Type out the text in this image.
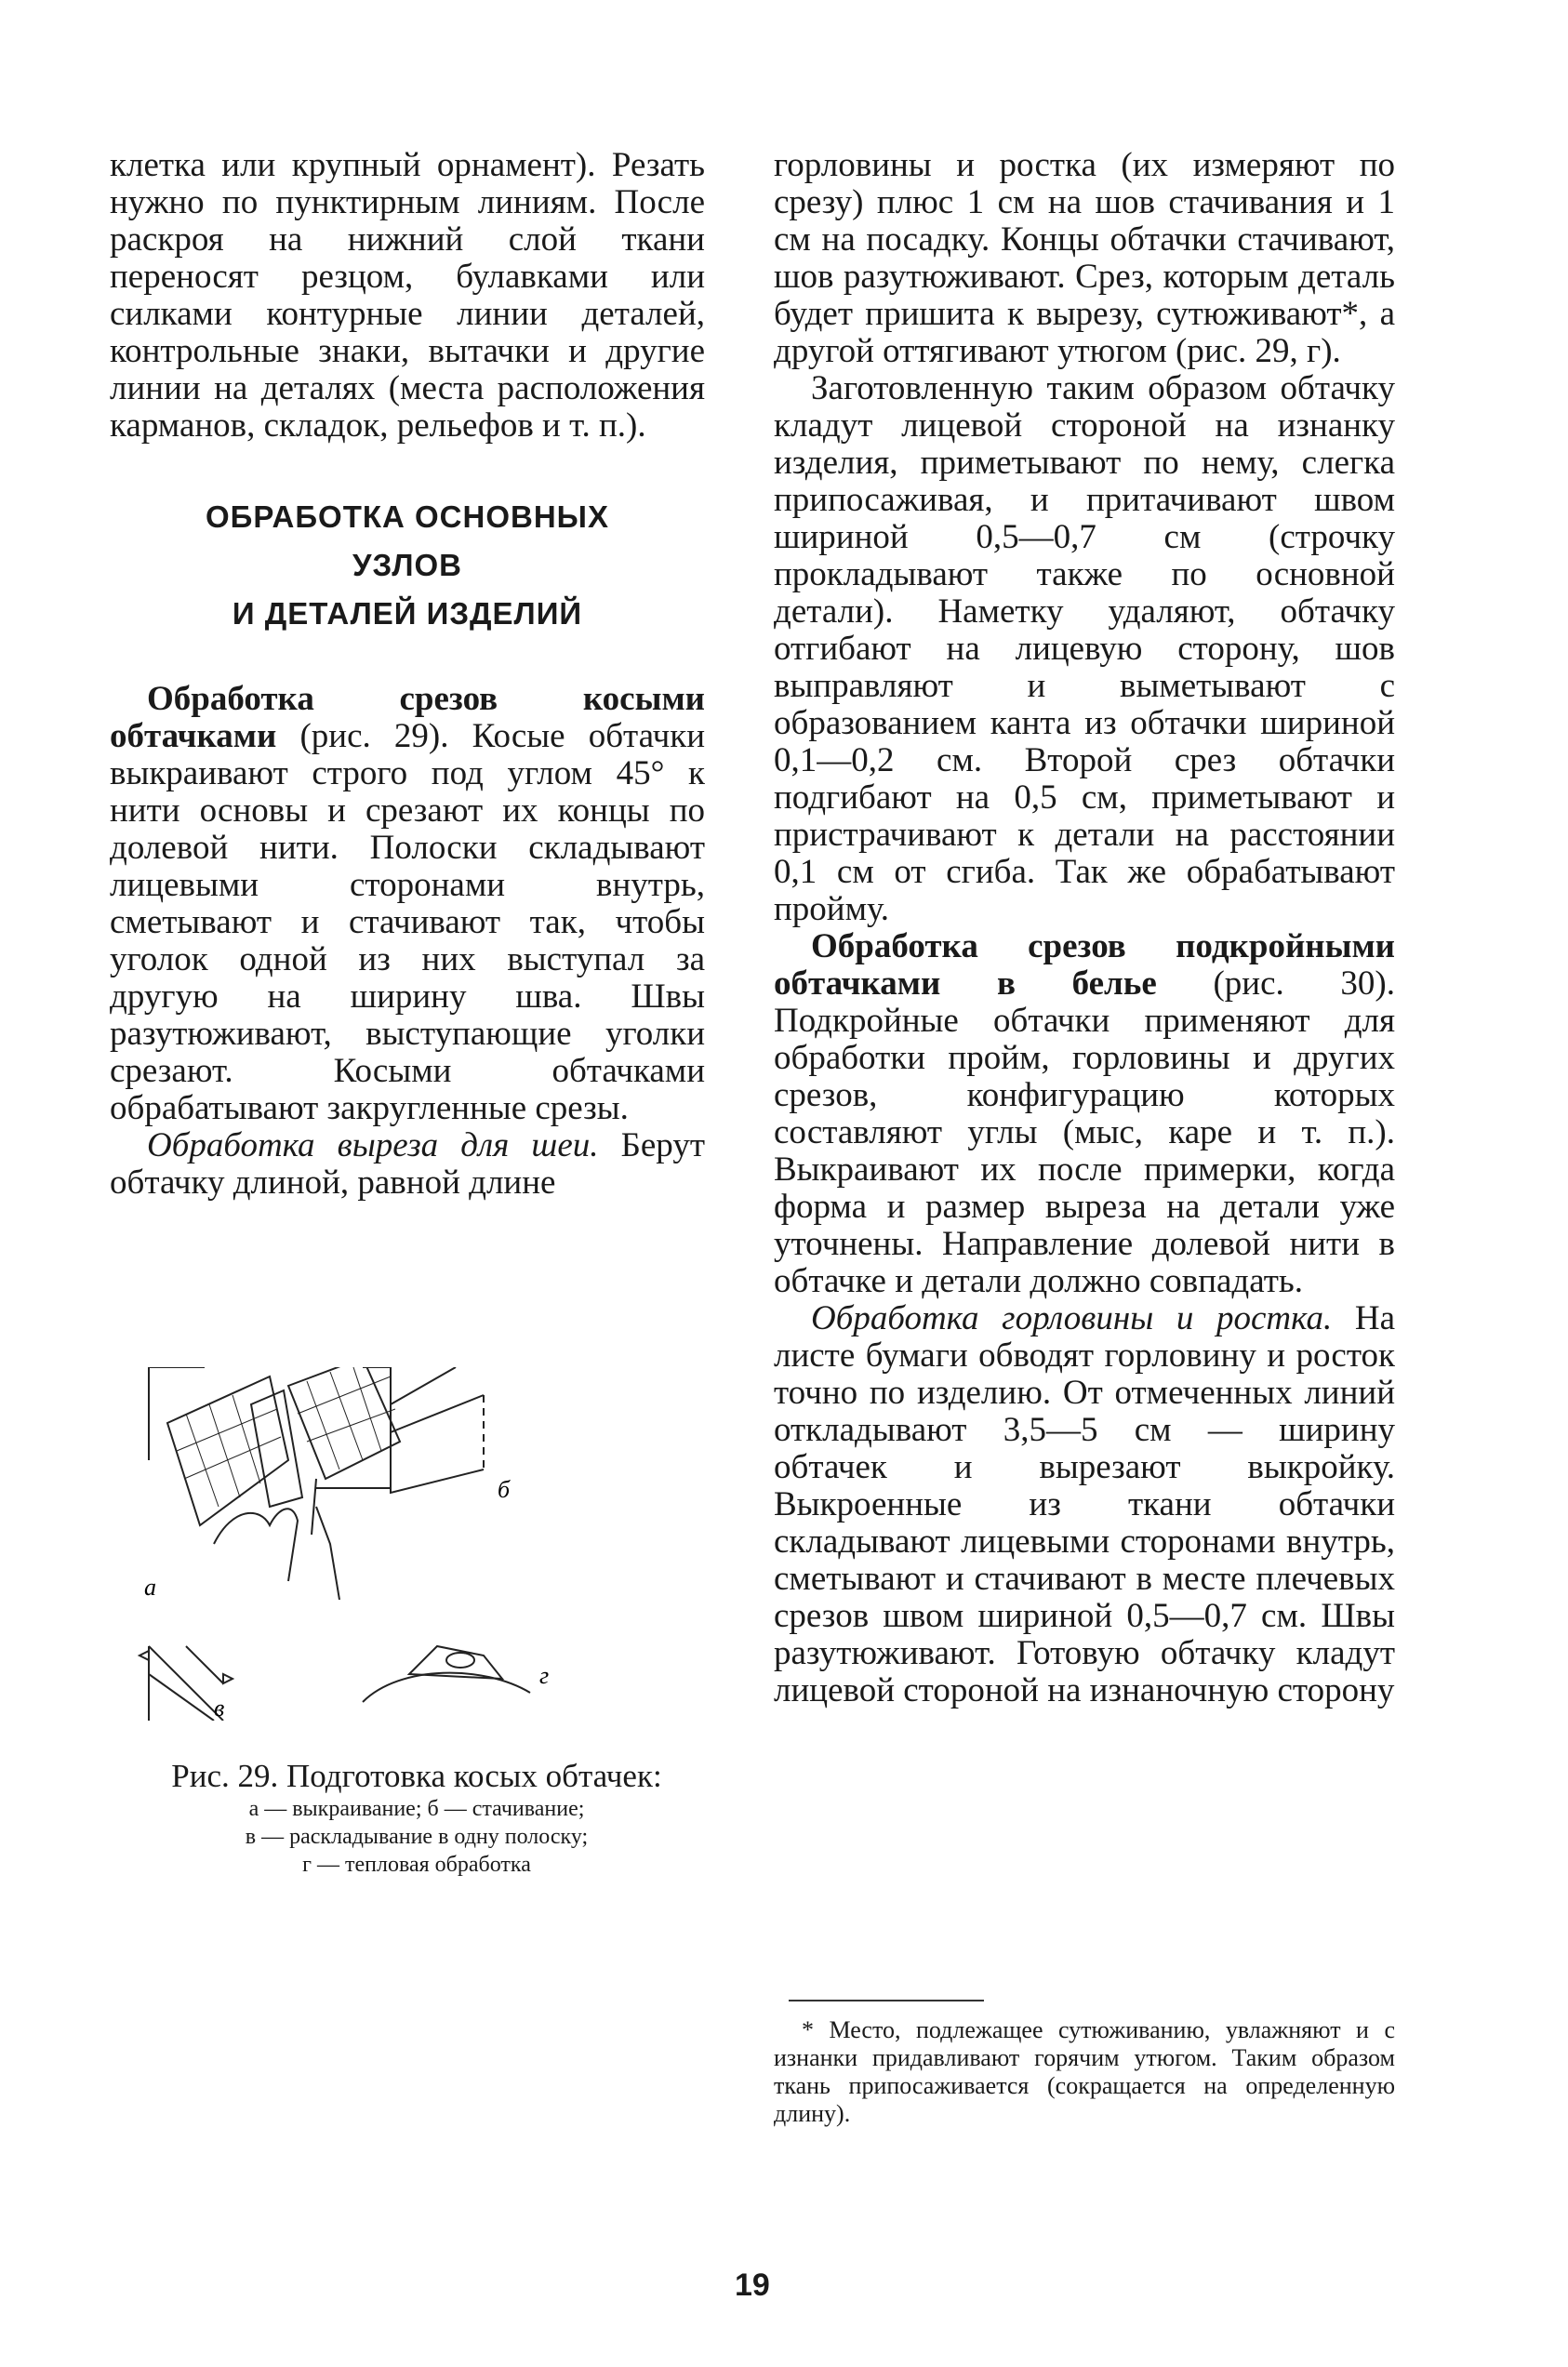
клетка или крупный орнамент). Резать нужно по пунктирным линиям. После раскроя на нижний слой ткани переносят резцом, булавками или силками контурные линии деталей, контрольные знаки, вытачки и другие линии на деталях (места расположения карманов, складок, рельефов и т. п.).

ОБРАБОТКА ОСНОВНЫХ
УЗЛОВ
И ДЕТАЛЕЙ ИЗДЕЛИЙ

Обработка срезов косыми обтачками (рис. 29). Косые обтачки выкраивают строго под углом 45° к нити основы и срезают их концы по долевой нити. Полоски складывают лицевыми сторонами внутрь, сметывают и стачивают так, чтобы уголок одной из них выступал за другую на ширину шва. Швы разутюживают, выступающие уголки срезают. Косыми обтачками обрабатывают закругленные срезы.

Обработка выреза для шеи. Берут обтачку длиной, равной длине

а
б
в
г
Рис. 29. Подготовка косых обтачек:
а — выкраивание; б — стачивание;
в — раскладывание в одну полоску;
г — тепловая обработка

горловины и ростка (их измеряют по срезу) плюс 1 см на шов стачивания и 1 см на посадку. Концы обтачки стачивают, шов разутюживают. Срез, которым деталь будет пришита к вырезу, сутюживают*, а другой оттягивают утюгом (рис. 29, г).

Заготовленную таким образом обтачку кладут лицевой стороной на изнанку изделия, приметывают по нему, слегка припосаживая, и притачивают швом шириной 0,5—0,7 см (строчку прокладывают также по основной детали). Наметку удаляют, обтачку отгибают на лицевую сторону, шов выправляют и выметывают с образованием канта из обтачки шириной 0,1—0,2 см. Второй срез обтачки подгибают на 0,5 см, приметывают и пристрачивают к детали на расстоянии 0,1 см от сгиба. Так же обрабатывают пройму.

Обработка срезов подкройными обтачками в белье (рис. 30). Подкройные обтачки применяют для обработки пройм, горловины и других срезов, конфигурацию которых составляют углы (мыс, каре и т. п.). Выкраивают их после примерки, когда форма и размер выреза на детали уже уточнены. Направление долевой нити в обтачке и детали должно совпадать.

Обработка горловины и ростка. На листе бумаги обводят горловину и росток точно по изделию. От отмеченных линий откладывают 3,5—5 см — ширину обтачек и вырезают выкройку. Выкроенные из ткани обтачки складывают лицевыми сторонами внутрь, сметывают и стачивают в месте плечевых срезов швом шириной 0,5—0,7 см. Швы разутюживают. Готовую обтачку кладут лицевой стороной на изнаночную сторону

* Место, подлежащее сутюживанию, увлажняют и с изнанки придавливают горячим утюгом. Таким образом ткань припосаживается (сокращается на определенную длину).
19
